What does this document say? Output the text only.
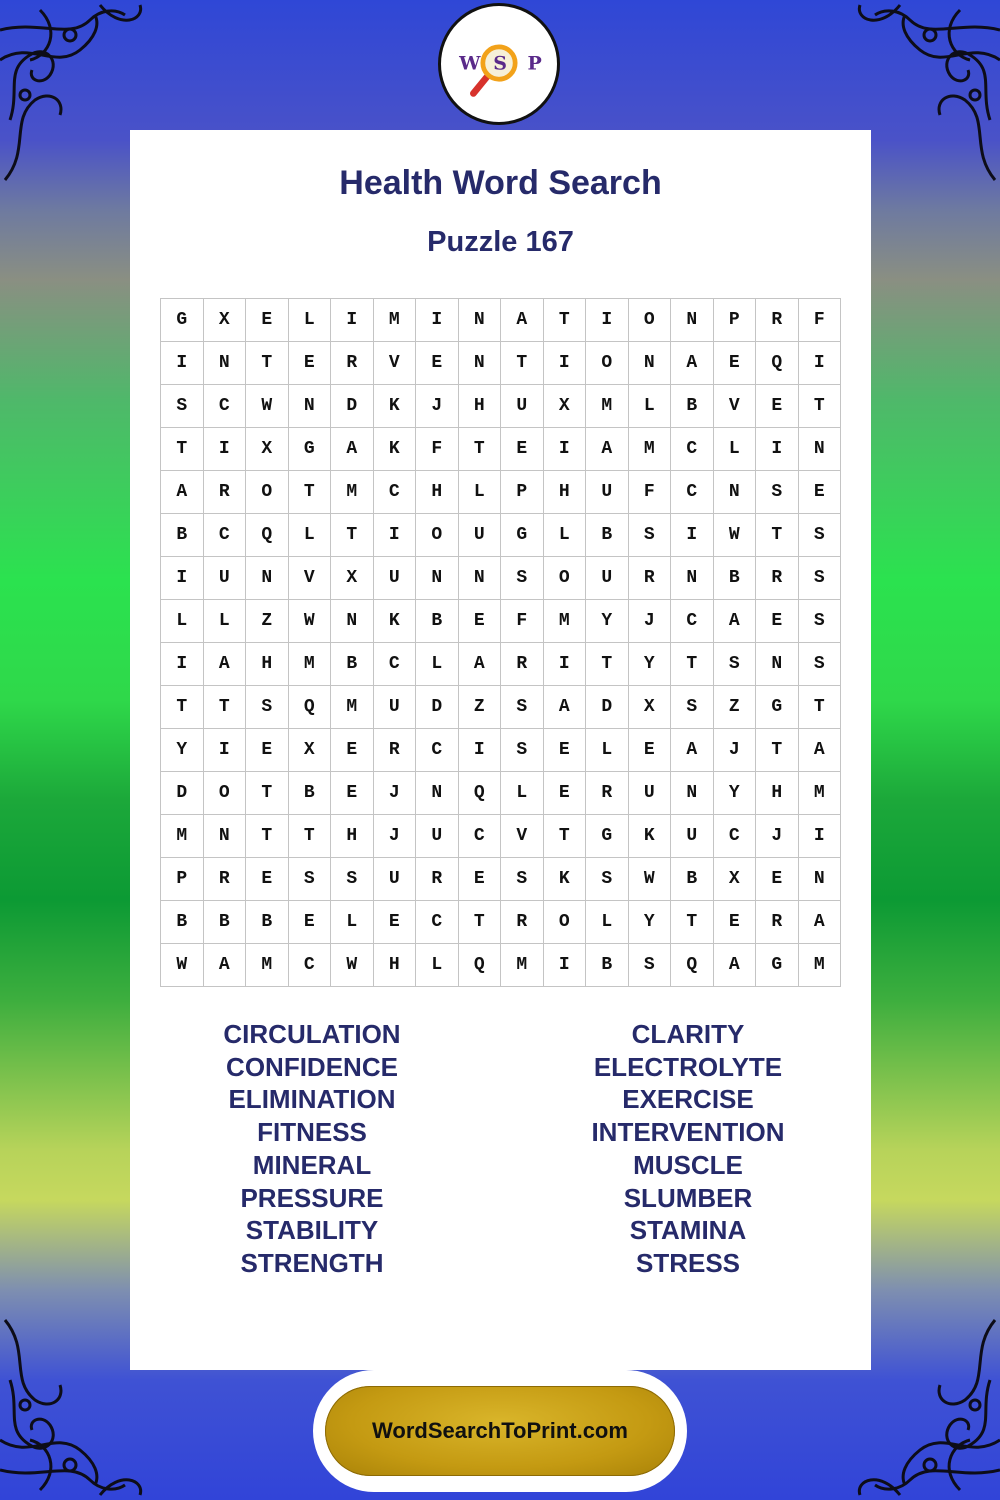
W S P
Health Word Search
Puzzle 167
G	X	E	L	I	M	I	N	A	T	I	O	N	P	R	F
I	N	T	E	R	V	E	N	T	I	O	N	A	E	Q	I
S	C	W	N	D	K	J	H	U	X	M	L	B	V	E	T
T	I	X	G	A	K	F	T	E	I	A	M	C	L	I	N
A	R	O	T	M	C	H	L	P	H	U	F	C	N	S	E
B	C	Q	L	T	I	O	U	G	L	B	S	I	W	T	S
I	U	N	V	X	U	N	N	S	O	U	R	N	B	R	S
L	L	Z	W	N	K	B	E	F	M	Y	J	C	A	E	S
I	A	H	M	B	C	L	A	R	I	T	Y	T	S	N	S
T	T	S	Q	M	U	D	Z	S	A	D	X	S	Z	G	T
Y	I	E	X	E	R	C	I	S	E	L	E	A	J	T	A
D	O	T	B	E	J	N	Q	L	E	R	U	N	Y	H	M
M	N	T	T	H	J	U	C	V	T	G	K	U	C	J	I
P	R	E	S	S	U	R	E	S	K	S	W	B	X	E	N
B	B	B	E	L	E	C	T	R	O	L	Y	T	E	R	A
W	A	M	C	W	H	L	Q	M	I	B	S	Q	A	G	M
CIRCULATION
CONFIDENCE
ELIMINATION
FITNESS
MINERAL
PRESSURE
STABILITY
STRENGTH
CLARITY
ELECTROLYTE
EXERCISE
INTERVENTION
MUSCLE
SLUMBER
STAMINA
STRESS
WordSearchToPrint.com
